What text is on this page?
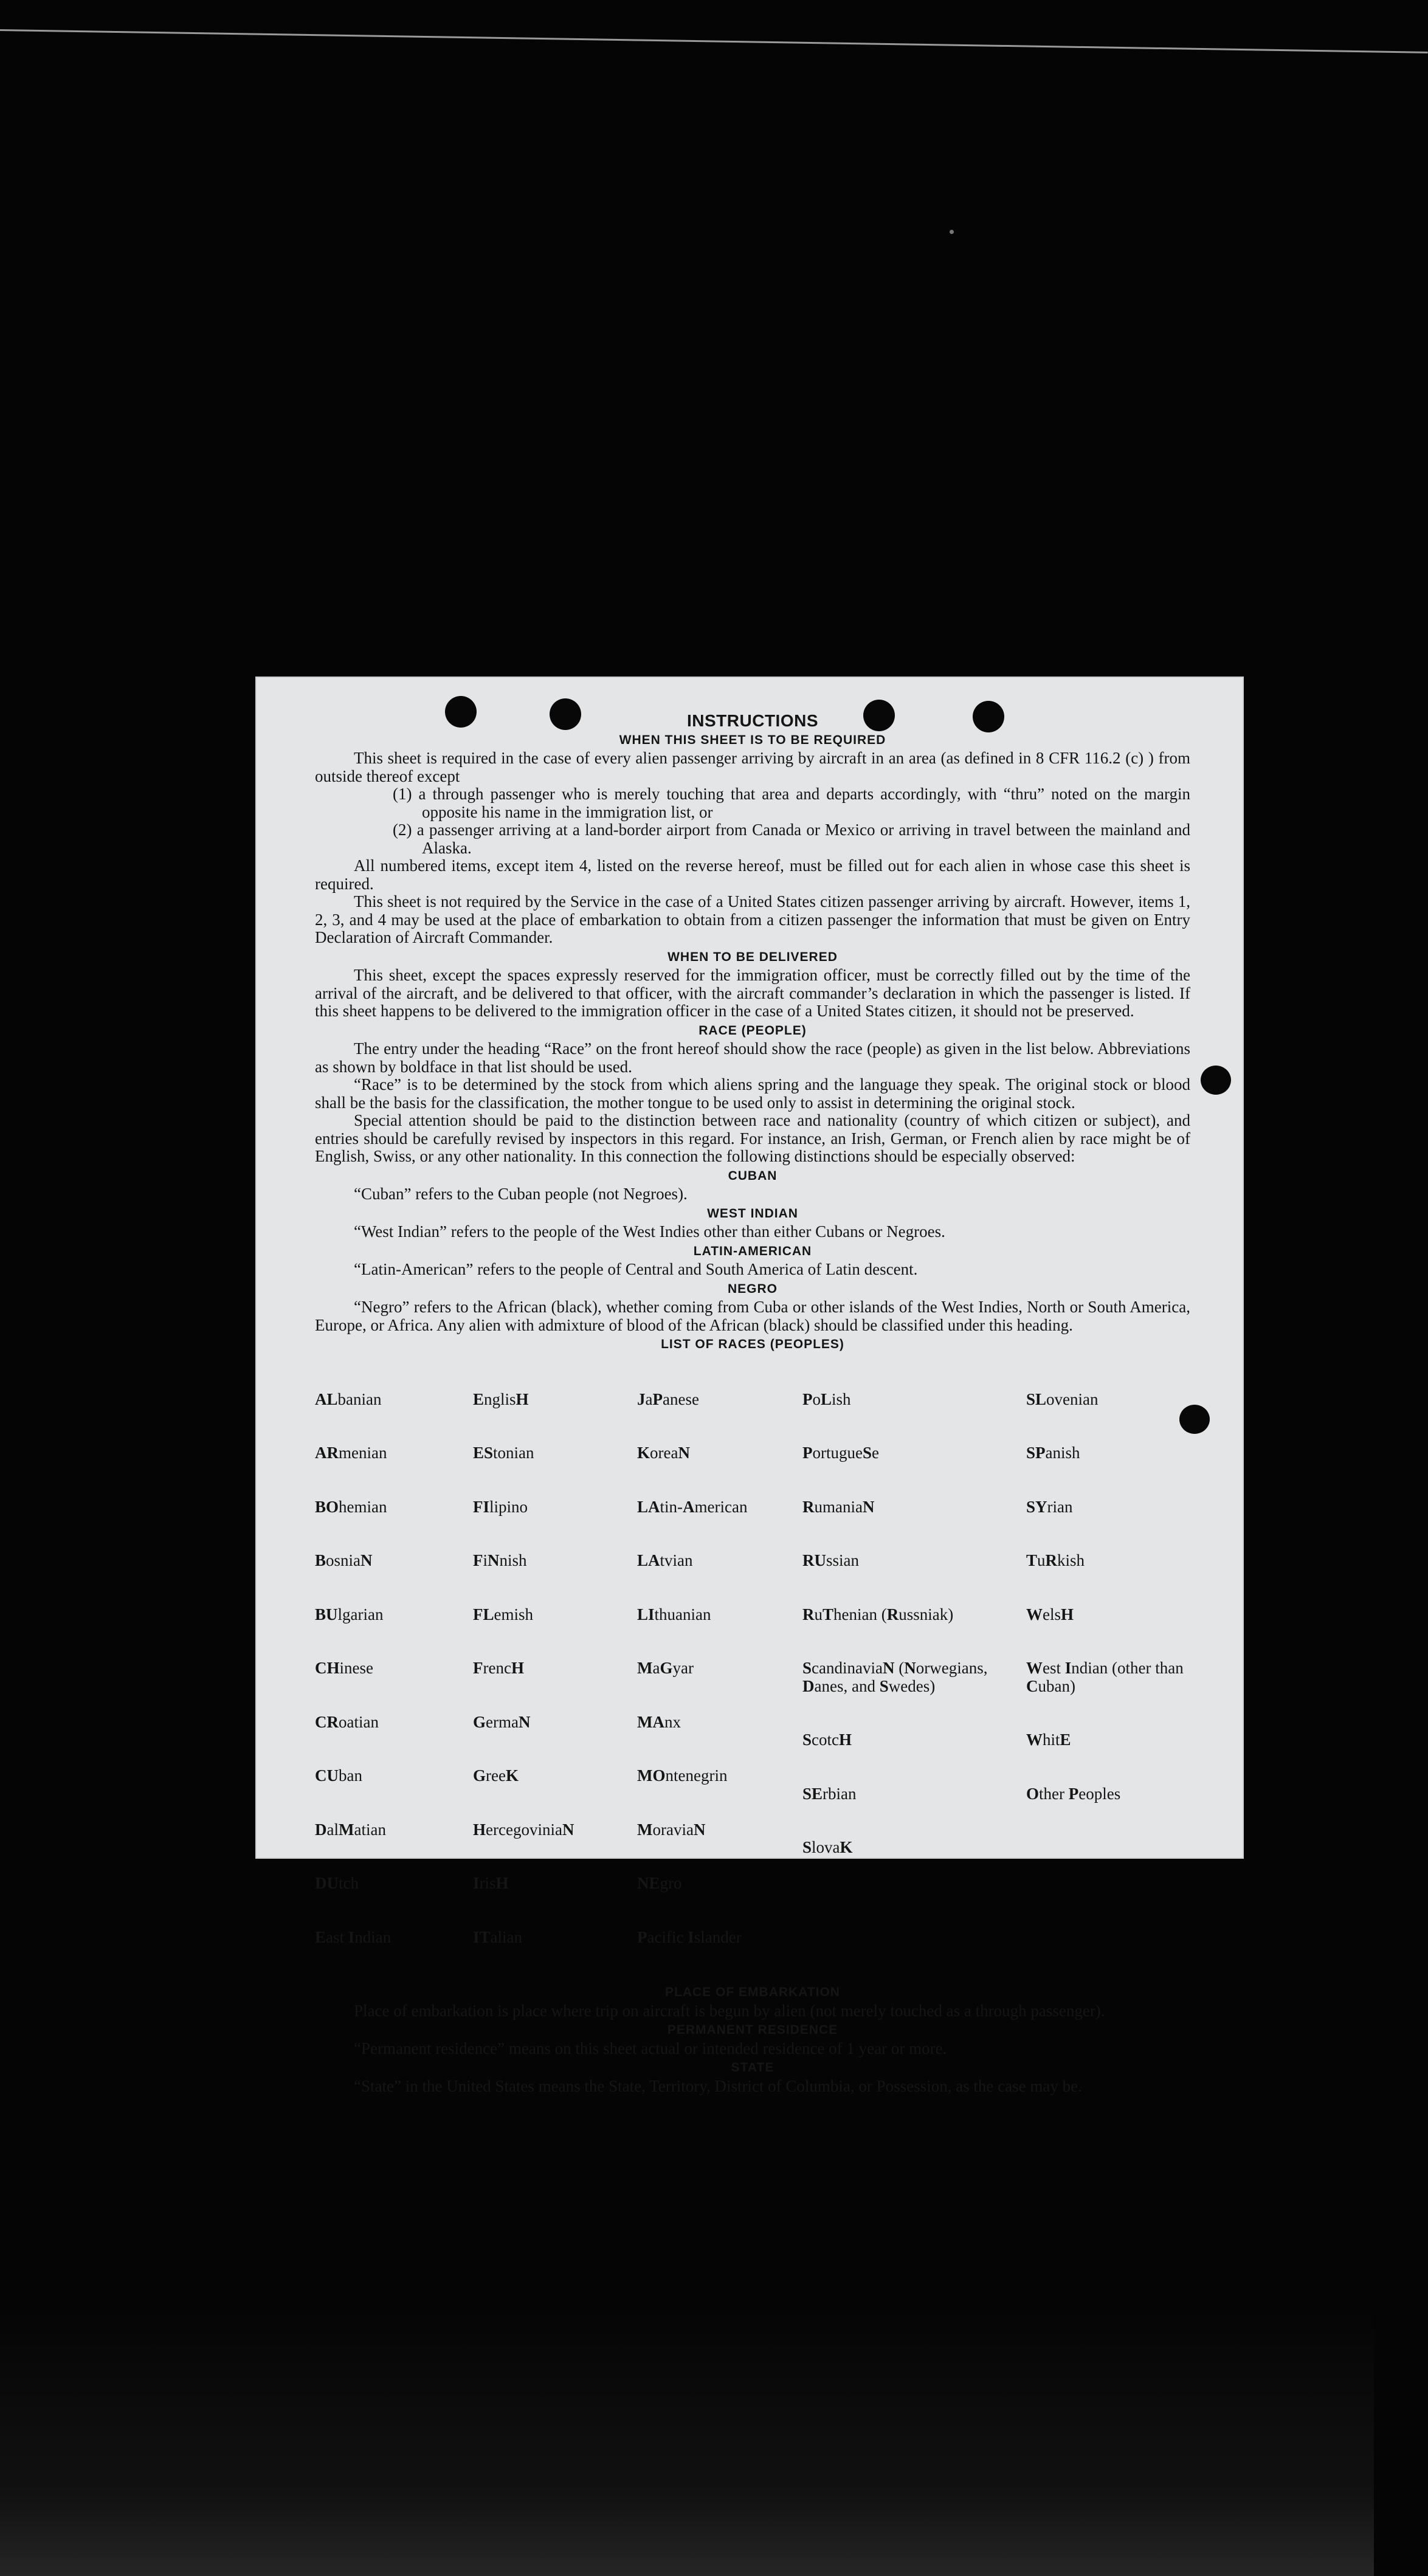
INSTRUCTIONS
WHEN THIS SHEET IS TO BE REQUIRED

This sheet is required in the case of every alien passenger arriving by aircraft in an area (as defined in 8 CFR 116.2 (c) ) from outside thereof except

(1) a through passenger who is merely touching that area and departs accordingly, with “thru” noted on the margin opposite his name in the immigration list, or

(2) a passenger arriving at a land-border airport from Canada or Mexico or arriving in travel between the mainland and Alaska.

All numbered items, except item 4, listed on the reverse hereof, must be filled out for each alien in whose case this sheet is required.

This sheet is not required by the Service in the case of a United States citizen passenger arriving by aircraft. However, items 1, 2, 3, and 4 may be used at the place of embarkation to obtain from a citizen passenger the information that must be given on Entry Declaration of Aircraft Commander.

WHEN TO BE DELIVERED

This sheet, except the spaces expressly reserved for the immigration officer, must be correctly filled out by the time of the arrival of the aircraft, and be delivered to that officer, with the aircraft commander’s declaration in which the passenger is listed. If this sheet happens to be delivered to the immigration officer in the case of a United States citizen, it should not be preserved.

RACE (PEOPLE)

The entry under the heading “Race” on the front hereof should show the race (people) as given in the list below. Abbreviations as shown by boldface in that list should be used.

“Race” is to be determined by the stock from which aliens spring and the language they speak. The original stock or blood shall be the basis for the classification, the mother tongue to be used only to assist in determining the original stock.

Special attention should be paid to the distinction between race and nationality (country of which citizen or subject), and entries should be carefully revised by inspectors in this regard. For instance, an Irish, German, or French alien by race might be of English, Swiss, or any other nationality. In this connection the following distinctions should be especially observed:

CUBAN

“Cuban” refers to the Cuban people (not Negroes).

WEST INDIAN

“West Indian” refers to the people of the West Indies other than either Cubans or Negroes.

LATIN-AMERICAN

“Latin-American” refers to the people of Central and South America of Latin descent.

NEGRO

“Negro” refers to the African (black), whether coming from Cuba or other islands of the West Indies, North or South America, Europe, or Africa. Any alien with admixture of blood of the African (black) should be classified under this heading.

LIST OF RACES (PEOPLES)

ALbanian

ARmenian

BOhemian

BosniaN

BUlgarian

CHinese

CRoatian

CUban

DalMatian

DUtch

East Indian

EnglisH

EStonian

FIlipino

FiNnish

FLemish

FrencH

GermaN

GreeK

HercegoviniaN

IrisH

ITalian

JaPanese

KoreaN

LAtin-American

LAtvian

LIthuanian

MaGyar

MAnx

MOntenegrin

MoraviaN

NEgro

Pacific Islander

PoLish

PortugueSe

RumaniaN

RUssian

RuThenian (Russniak)

ScandinaviaN (Norwegians, Danes, and Swedes)

ScotcH

SErbian

SlovaK

SLovenian

SPanish

SYrian

TuRkish

WelsH

West Indian (other than Cuban)

WhitE

Other Peoples

PLACE OF EMBARKATION

Place of embarkation is place where trip on aircraft is begun by alien (not merely touched as a through passenger).

PERMANENT RESIDENCE

“Permanent residence” means on this sheet actual or intended residence of 1 year or more.

STATE

“State” in the United States means the State, Territory, District of Columbia, or Possession, as the case may be.
